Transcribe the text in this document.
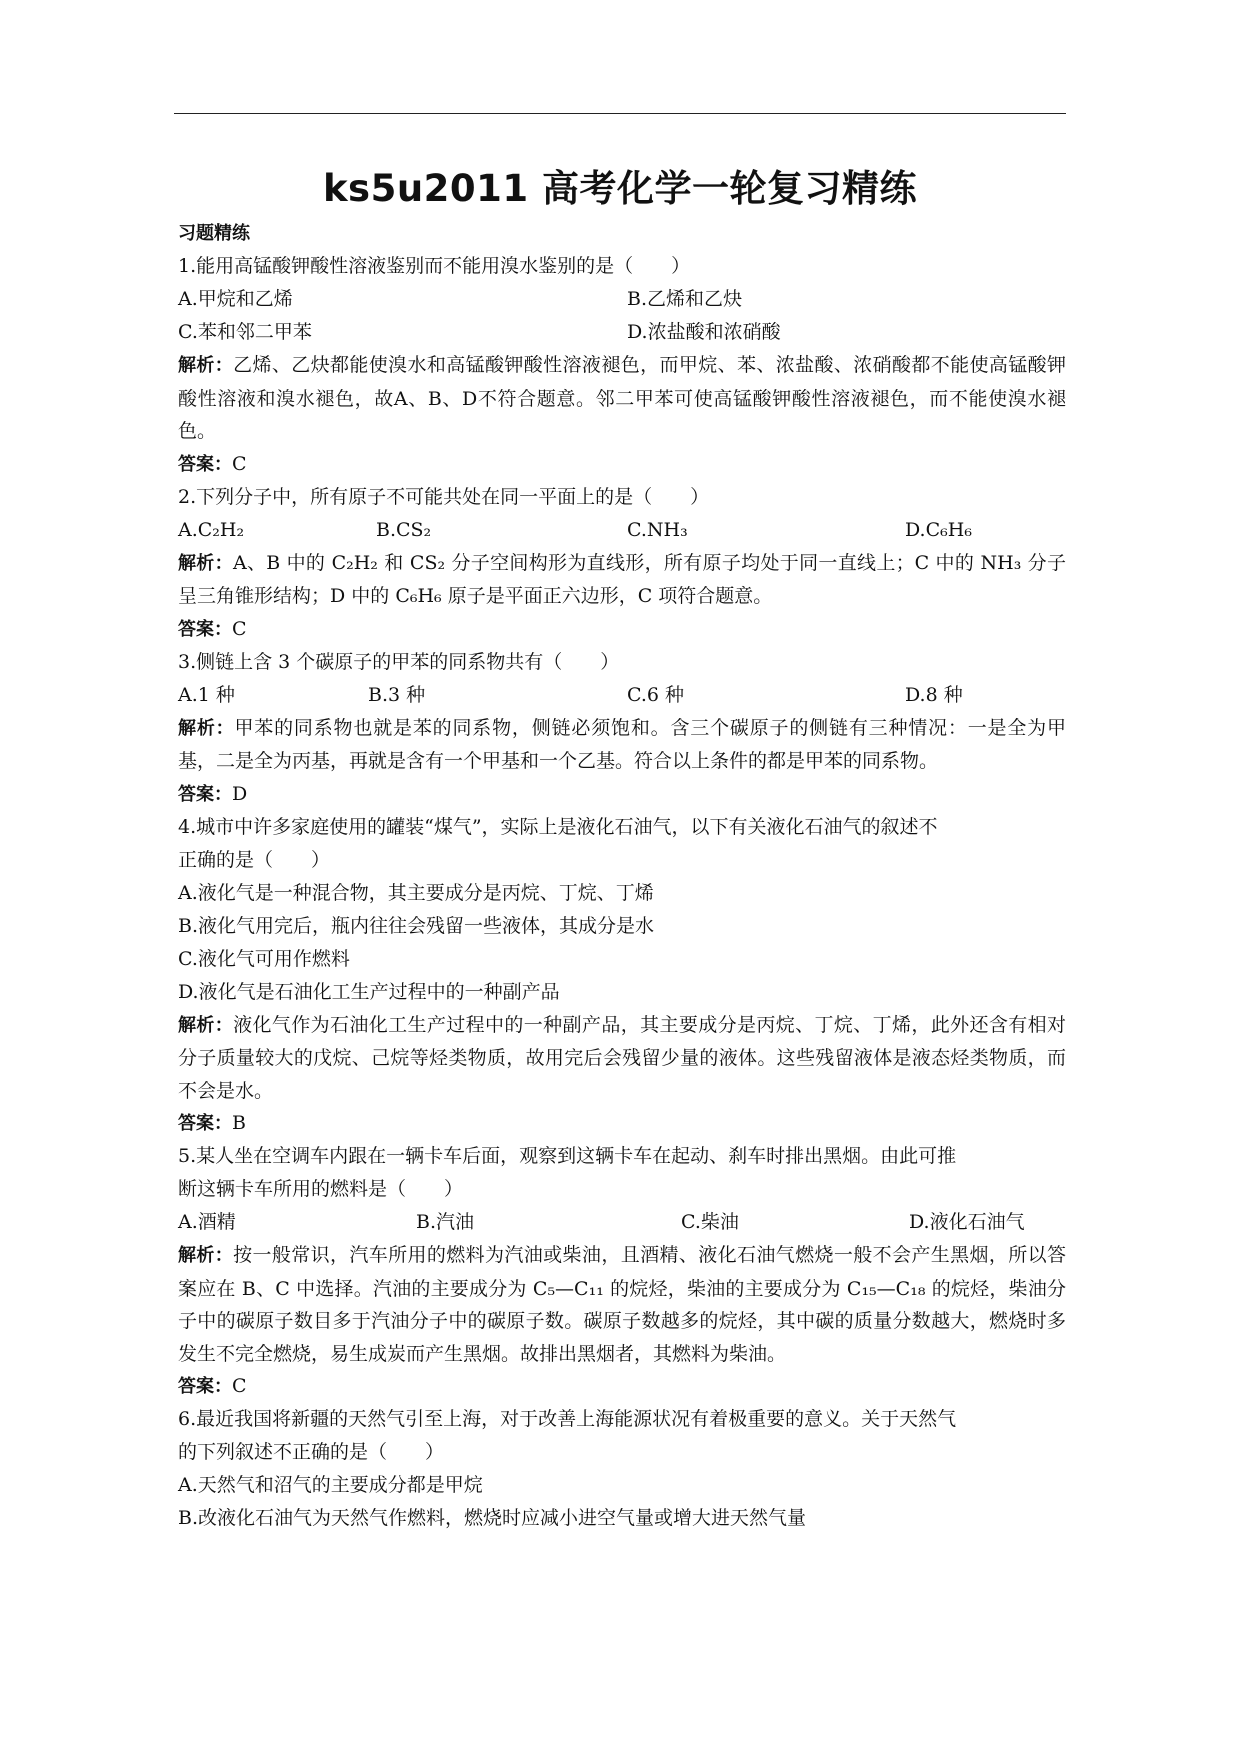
ks5u2011 高考化学一轮复习精练
习题精练
1.能用高锰酸钾酸性溶液鉴别而不能用溴水鉴别的是（　　）
A.甲烷和乙烯	B.乙烯和乙炔
C.苯和邻二甲苯	D.浓盐酸和浓硝酸
解析：乙烯、乙炔都能使溴水和高锰酸钾酸性溶液褪色，而甲烷、苯、浓盐酸、浓硝酸都不能使高锰酸钾酸性溶液和溴水褪色，故A、B、D不符合题意。邻二甲苯可使高锰酸钾酸性溶液褪色，而不能使溴水褪色。
答案：C
2.下列分子中，所有原子不可能共处在同一平面上的是（　　）
A.C₂H₂	B.CS₂	C.NH₃	D.C₆H₆
解析：A、B 中的 C₂H₂ 和 CS₂ 分子空间构形为直线形，所有原子均处于同一直线上；C 中的 NH₃ 分子呈三角锥形结构；D 中的 C₆H₆ 原子是平面正六边形，C 项符合题意。
答案：C
3.侧链上含 3 个碳原子的甲苯的同系物共有（　　）
A.1 种	B.3 种	C.6 种	D.8 种
解析：甲苯的同系物也就是苯的同系物，侧链必须饱和。含三个碳原子的侧链有三种情况：一是全为甲基，二是全为丙基，再就是含有一个甲基和一个乙基。符合以上条件的都是甲苯的同系物。
答案：D
4.城市中许多家庭使用的罐装“煤气”，实际上是液化石油气，以下有关液化石油气的叙述不
正确的是（　　）
A.液化气是一种混合物，其主要成分是丙烷、丁烷、丁烯
B.液化气用完后，瓶内往往会残留一些液体，其成分是水
C.液化气可用作燃料
D.液化气是石油化工生产过程中的一种副产品
解析：液化气作为石油化工生产过程中的一种副产品，其主要成分是丙烷、丁烷、丁烯，此外还含有相对分子质量较大的戊烷、己烷等烃类物质，故用完后会残留少量的液体。这些残留液体是液态烃类物质，而不会是水。
答案：B
5.某人坐在空调车内跟在一辆卡车后面，观察到这辆卡车在起动、刹车时排出黑烟。由此可推
断这辆卡车所用的燃料是（　　）
A.酒精	B.汽油	C.柴油	D.液化石油气
解析：按一般常识，汽车所用的燃料为汽油或柴油，且酒精、液化石油气燃烧一般不会产生黑烟，所以答案应在 B、C 中选择。汽油的主要成分为 C₅—C₁₁ 的烷烃，柴油的主要成分为 C₁₅—C₁₈ 的烷烃，柴油分子中的碳原子数目多于汽油分子中的碳原子数。碳原子数越多的烷烃，其中碳的质量分数越大，燃烧时多发生不完全燃烧，易生成炭而产生黑烟。故排出黑烟者，其燃料为柴油。
答案：C
6.最近我国将新疆的天然气引至上海，对于改善上海能源状况有着极重要的意义。关于天然气
的下列叙述不正确的是（　　）
A.天然气和沼气的主要成分都是甲烷
B.改液化石油气为天然气作燃料，燃烧时应减小进空气量或增大进天然气量
